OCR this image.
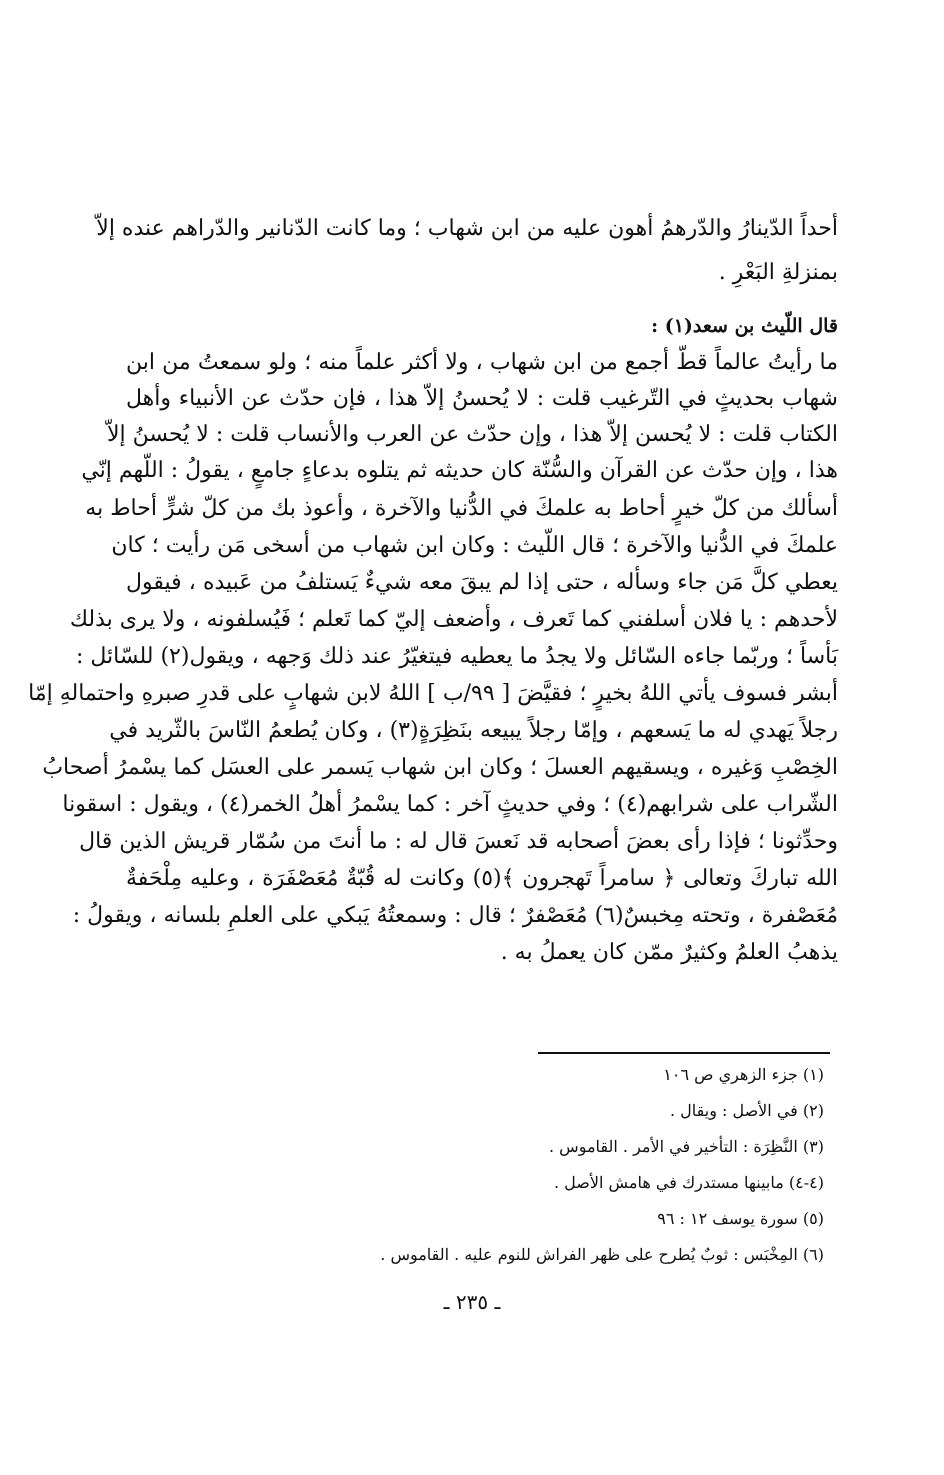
أحداً الدّينارُ والدّرهمُ أهون عليه من ابن شهاب ؛ وما كانت الدّنانير والدّراهم عنده إلاّ
بمنزلةِ البَعْرِ .
قال اللّيث بن سعد(١) :
ما رأيتُ عالماً قطّ أجمع من ابن شهاب ، ولا أكثر علماً منه ؛ ولو سمعتُ من ابن
شهاب بحديثٍ في التّرغيب قلت : لا يُحسنُ إلاّ هذا ، فإن حدّث عن الأنبياء وأهل
الكتاب قلت : لا يُحسن إلاّ هذا ، وإن حدّث عن العرب والأنساب قلت : لا يُحسنُ إلاّ
هذا ، وإن حدّث عن القرآن والسُّنّة كان حديثه ثم يتلوه بدعاءٍ جامعٍ ، يقولُ : اللّهم إنّي
أسألك من كلّ خيرٍ أحاط به علمكَ في الدُّنيا والآخرة ، وأعوذ بك من كلّ شرٍّ أحاط به
علمكَ في الدُّنيا والآخرة ؛ قال اللّيث : وكان ابن شهاب من أسخى مَن رأيت ؛ كان
يعطي كلَّ مَن جاء وسأله ، حتى إذا لم يبقَ معه شيءٌ يَستلفُ من عَبيده ، فيقول
لأحدهم : يا فلان أسلفني كما تَعرف ، وأضعف إليّ كما تَعلم ؛ فَيُسلفونه ، ولا يرى بذلك
بَأساً ؛ وربّما جاءه السّائل ولا يجدُ ما يعطيه فيتغيّرُ عند ذلك وَجهه ، ويقول(٢) للسّائل :
أبشر فسوف يأتي اللهُ بخيرٍ ؛ فقيَّضَ [ ٩٩/ب ] اللهُ لابن شهابٍ على قدرِ صبرهِ واحتمالهِ إمّا
رجلاً يَهدي له ما يَسعهم ، وإمّا رجلاً يبيعه بنَظِرَةٍ(٣) ، وكان يُطعمُ النّاسَ بالثّريد في
الخِصْبِ وَغيره ، ويسقيهم العسلَ ؛ وكان ابن شهاب يَسمر على العسَل كما يسْمرُ أصحابُ
الشّراب على شرابهم(٤) ؛ وفي حديثٍ آخر : كما يسْمرُ أهلُ الخمر(٤) ، ويقول : اسقونا
وحدِّثونا ؛ فإذا رأى بعضَ أصحابه قد نَعسَ قال له : ما أنتَ من سُمّار قريش الذين قال
الله تباركَ وتعالى ﴿ سامراً تَهجرون ﴾(٥) وكانت له قُبّةٌ مُعَصْفَرَة ، وعليه مِلْحَفةٌ
مُعَصْفرة ، وتحته مِخبسٌ(٦) مُعَصْفرٌ ؛ قال : وسمعتُهُ يَبكي على العلمِ بلسانه ، ويقولُ :
يذهبُ العلمُ وكثيرٌ ممّن كان يعملُ به .
(١) جزء الزهري ص ١٠٦
(٢) في الأصل : ويقال .
(٣) النَّظِرَة : التأخير في الأمر . القاموس .
(٤-٤) مابينها مستدرك في هامش الأصل .
(٥) سورة يوسف ١٢ : ٩٦
(٦) المِخْبَس : ثوبٌ يُطرح على ظهر الفراش للنوم عليه . القاموس .
ـ ٢٣٥ ـ
